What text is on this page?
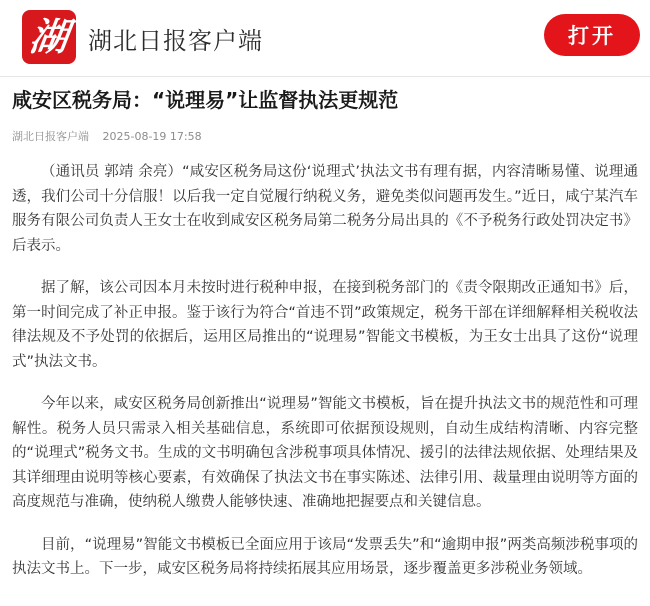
湖 湖北日报客户端	打开
咸安区税务局：“说理易”让监督执法更规范
湖北日报客户端 2025-08-19 17:58

（通讯员 郭靖 余亮）“咸安区税务局这份‘说理式’执法文书有理有据，内容清晰易懂、说理通透，我们公司十分信服！以后我一定自觉履行纳税义务，避免类似问题再发生。”近日，咸宁某汽车服务有限公司负责人王女士在收到咸安区税务局第二税务分局出具的《不予税务行政处罚决定书》后表示。

据了解，该公司因本月未按时进行税种申报，在接到税务部门的《责令限期改正通知书》后，第一时间完成了补正申报。鉴于该行为符合“首违不罚”政策规定，税务干部在详细解释相关税收法律法规及不予处罚的依据后，运用区局推出的“说理易”智能文书模板，为王女士出具了这份“说理式”执法文书。

今年以来，咸安区税务局创新推出“说理易”智能文书模板，旨在提升执法文书的规范性和可理解性。税务人员只需录入相关基础信息，系统即可依据预设规则，自动生成结构清晰、内容完整的“说理式”税务文书。生成的文书明确包含涉税事项具体情况、援引的法律法规依据、处理结果及其详细理由说明等核心要素，有效确保了执法文书在事实陈述、法律引用、裁量理由说明等方面的高度规范与准确，使纳税人缴费人能够快速、准确地把握要点和关键信息。

目前，“说理易”智能文书模板已全面应用于该局“发票丢失”和“逾期申报”两类高频涉税事项的执法文书上。下一步，咸安区税务局将持续拓展其应用场景，逐步覆盖更多涉税业务领域。
